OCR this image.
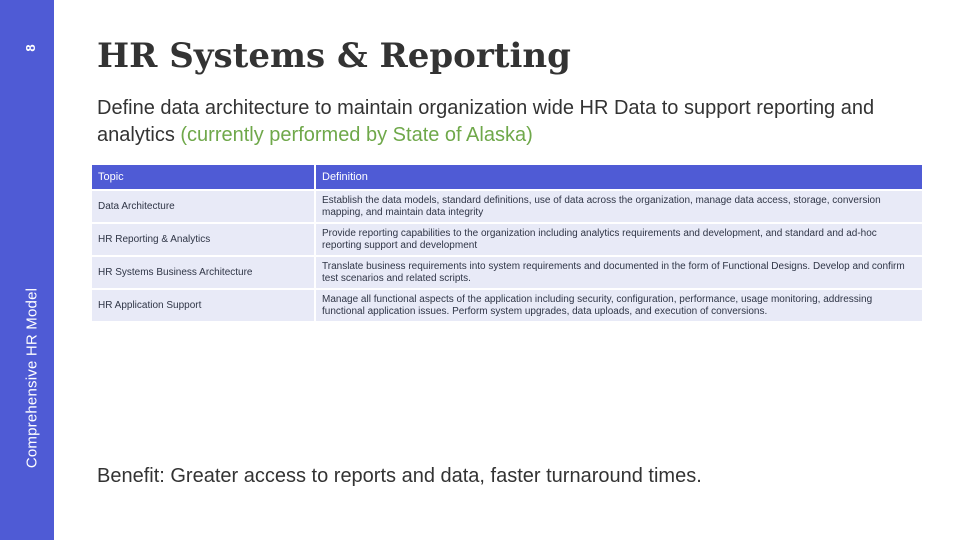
8
Comprehensive HR Model
HR Systems & Reporting

Define data architecture to maintain organization wide HR Data to support reporting and analytics (currently performed by State of Alaska)

Topic	Definition
Data Architecture	Establish the data models, standard definitions, use of data across the organization, manage data access, storage, conversion mapping, and maintain data integrity
HR Reporting & Analytics	Provide reporting capabilities to the organization including analytics requirements and development, and standard and ad-hoc reporting support and development
HR Systems Business Architecture	Translate business requirements into system requirements and documented in the form of Functional Designs. Develop and confirm test scenarios and related scripts.
HR Application Support	Manage all functional aspects of the application including security, configuration, performance, usage monitoring, addressing functional application issues. Perform system upgrades, data uploads, and execution of conversions.

Benefit: Greater access to reports and data, faster turnaround times.
